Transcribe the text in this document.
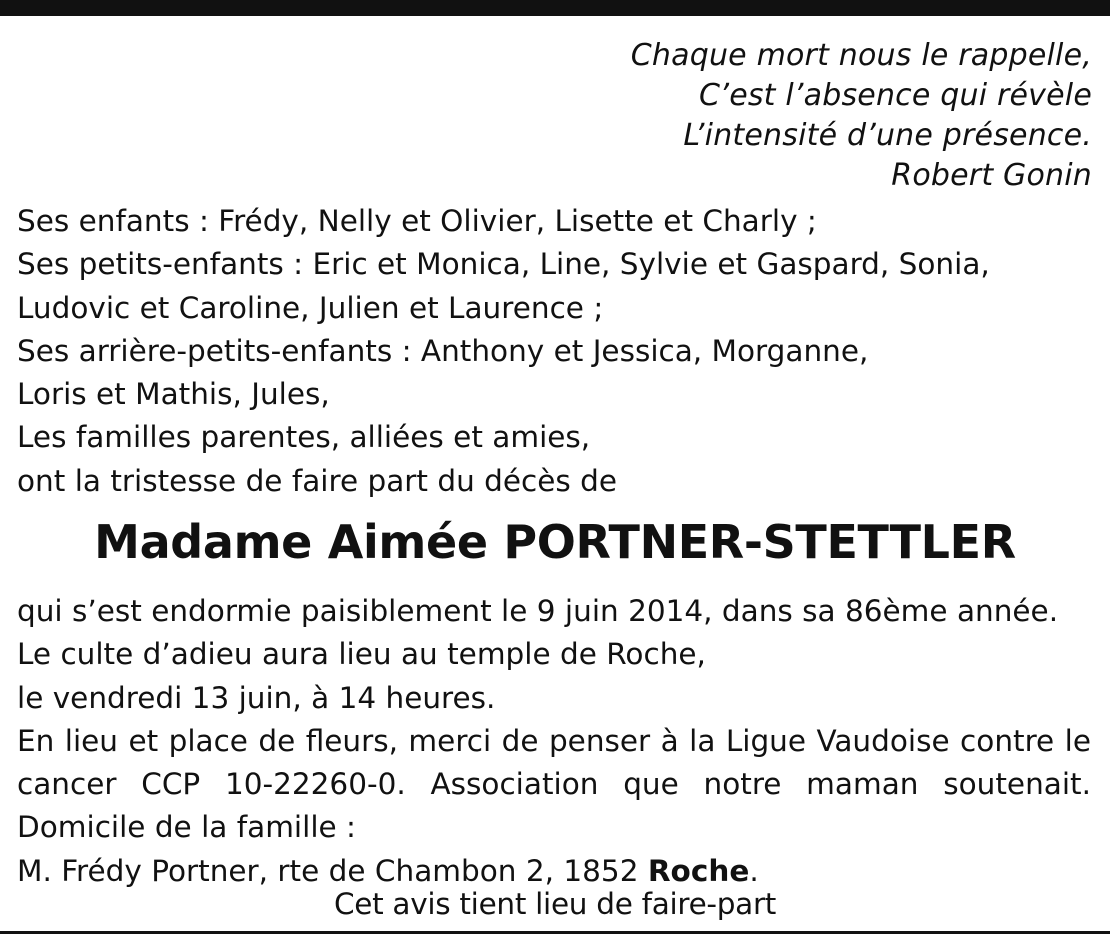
Chaque mort nous le rappelle,
C’est l’absence qui révèle
L’intensité d’une présence.
Robert Gonin
Ses enfants : Frédy, Nelly et Olivier, Lisette et Charly ;
Ses petits-enfants : Eric et Monica, Line, Sylvie et Gaspard, Sonia,
Ludovic et Caroline, Julien et Laurence ;
Ses arrière-petits-enfants : Anthony et Jessica, Morganne,
Loris et Mathis, Jules,
Les familles parentes, alliées et amies,
ont la tristesse de faire part du décès de
Madame Aimée PORTNER-STETTLER
qui s’est endormie paisiblement le 9 juin 2014, dans sa 86ème année.
Le culte d’adieu aura lieu au temple de Roche,
le vendredi 13 juin, à 14 heures.
En lieu et place de fleurs, merci de penser à la Ligue Vaudoise contre le
cancer CCP 10-22260-0. Association que notre maman soutenait.
Domicile de la famille :
M. Frédy Portner, rte de Chambon 2, 1852 Roche.
Cet avis tient lieu de faire-part
